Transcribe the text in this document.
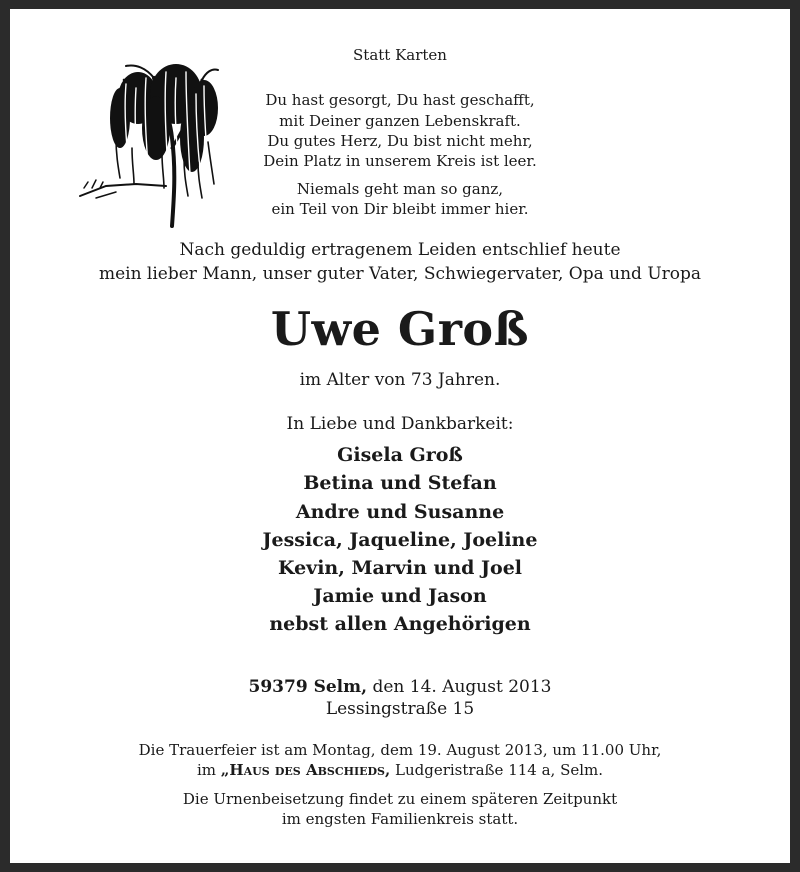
Statt Karten
Du hast gesorgt, Du hast geschafft,
mit Deiner ganzen Lebenskraft.
Du gutes Herz, Du bist nicht mehr,
Dein Platz in unserem Kreis ist leer.
Niemals geht man so ganz,
ein Teil von Dir bleibt immer hier.
Nach geduldig ertragenem Leiden entschlief heute
mein lieber Mann, unser guter Vater, Schwiegervater, Opa und Uropa
Uwe Groß
im Alter von 73 Jahren.
In Liebe und Dankbarkeit:
Gisela Groß
Betina und Stefan
Andre und Susanne
Jessica, Jaqueline, Joeline
Kevin, Marvin und Joel
Jamie und Jason
nebst allen Angehörigen
59379 Selm, den 14. August 2013
Lessingstraße 15
Die Trauerfeier ist am Montag, dem 19. August 2013, um 11.00 Uhr,
im „Haus des Abschieds, Ludgeristraße 114 a, Selm.
Die Urnenbeisetzung findet zu einem späteren Zeitpunkt
im engsten Familienkreis statt.
